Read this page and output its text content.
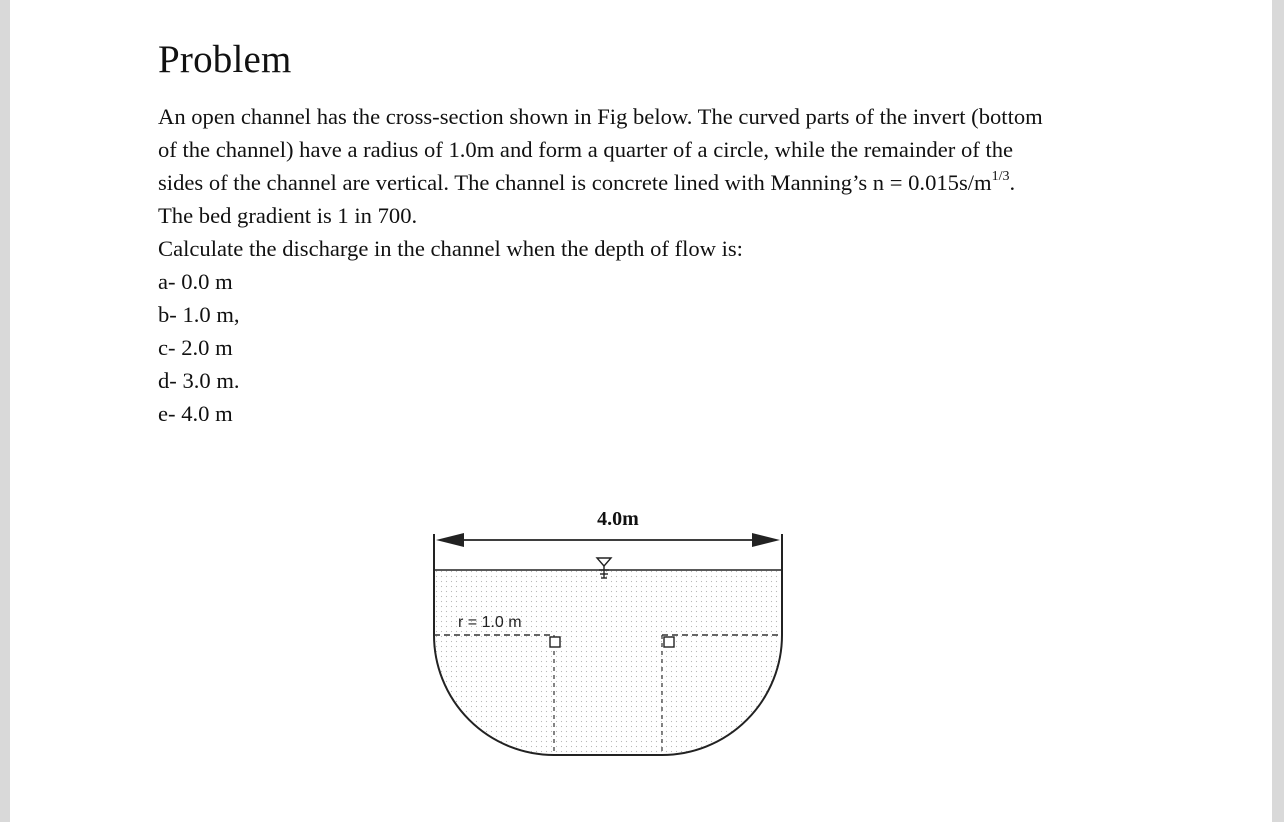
Problem
An open channel has the cross-section shown in Fig below. The curved parts of the invert (bottom
of the channel) have a radius of 1.0m and form a quarter of a circle, while the remainder of the
sides of the channel are vertical. The channel is concrete lined with Manning’s $n = 0.015s/m^{1/3}$.
The bed gradient is 1 in 700.
Calculate the discharge in the channel when the depth of flow is:
a- 0.0 m
b- 1.0 m,
c- 2.0 m
d- 3.0 m.
e- 4.0 m
4.0m
r = 1.0 m
